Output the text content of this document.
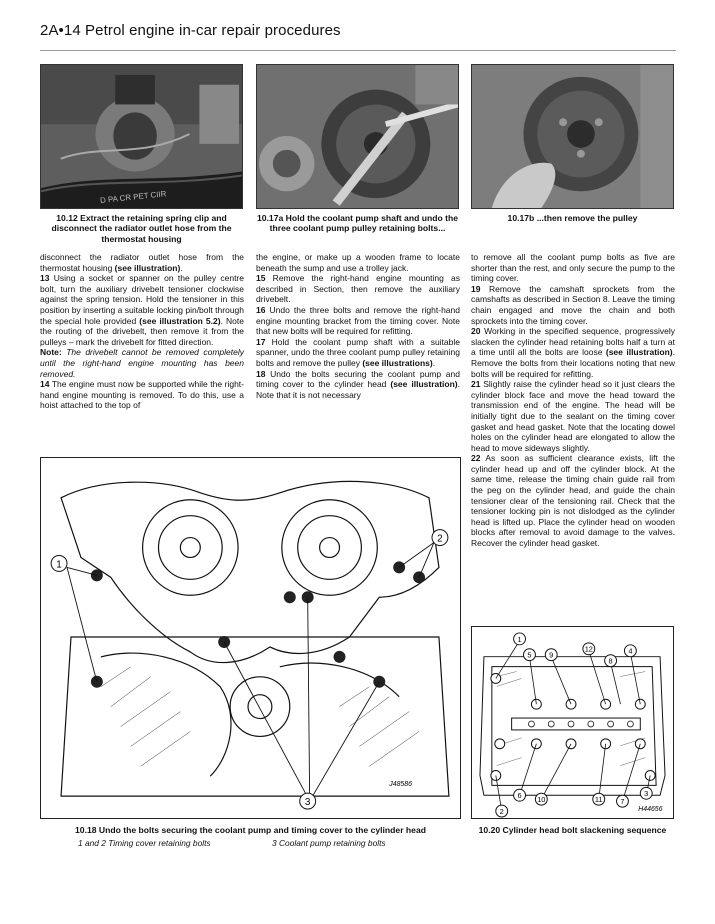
2A•14 Petrol engine in-car repair procedures
D PA CR PET CIIR
10.12 Extract the retaining spring clip and disconnect the radiator outlet hose from the thermostat housing
10.17a Hold the coolant pump shaft and undo the three coolant pump pulley retaining bolts...
10.17b ...then remove the pulley

disconnect the radiator outlet hose from the thermostat housing (see illustration).

13 Using a socket or spanner on the pulley centre bolt, turn the auxiliary drivebelt tensioner clockwise against the spring tension. Hold the tensioner in this position by inserting a suitable locking pin/bolt through the special hole provided (see illustration 5.2). Note the routing of the drivebelt, then remove it from the pulleys – mark the drivebelt for fitted direction.

Note: The drivebelt cannot be removed completely until the right-hand engine mounting has been removed.

14 The engine must now be supported while the right-hand engine mounting is removed. To do this, use a hoist attached to the top of

the engine, or make up a wooden frame to locate beneath the sump and use a trolley jack.

15 Remove the right-hand engine mounting as described in Section, then remove the auxiliary drivebelt.

16 Undo the three bolts and remove the right-hand engine mounting bracket from the timing cover. Note that new bolts will be required for refitting.

17 Hold the coolant pump shaft with a suitable spanner, undo the three coolant pump pulley retaining bolts and remove the pulley (see illustrations).

18 Undo the bolts securing the coolant pump and timing cover to the cylinder head (see illustration). Note that it is not necessary

to remove all the coolant pump bolts as five are shorter than the rest, and only secure the pump to the timing cover.

19 Remove the camshaft sprockets from the camshafts as described in Section 8. Leave the timing chain engaged and move the chain and both sprockets into the timing cover.

20 Working in the specified sequence, progressively slacken the cylinder head retaining bolts half a turn at a time until all the bolts are loose (see illustration). Remove the bolts from their locations noting that new bolts will be required for refitting.

21 Slightly raise the cylinder head so it just clears the cylinder block face and move the head toward the transmission end of the engine. The head will be initially tight due to the sealant on the timing cover gasket and head gasket. Note that the locating dowel holes on the cylinder head are elongated to allow the head to move sideways slightly.

22 As soon as sufficient clearance exists, lift the cylinder head up and off the cylinder block. At the same time, release the timing chain guide rail from the peg on the cylinder head, and guide the chain tensioner clear of the tensioning rail. Check that the tensioner locking pin is not dislodged as the cylinder head is lifted up. Place the cylinder head on wooden blocks after removal to avoid damage to the valves. Recover the cylinder head gasket.

1
2
3
J48586
1
5 9
12
8
4
2
6 10	11 7
3
H44656
10.18 Undo the bolts securing the coolant pump and timing cover to the cylinder head
1 and 2 Timing cover retaining bolts	3 Coolant pump retaining bolts
10.20 Cylinder head bolt slackening sequence
